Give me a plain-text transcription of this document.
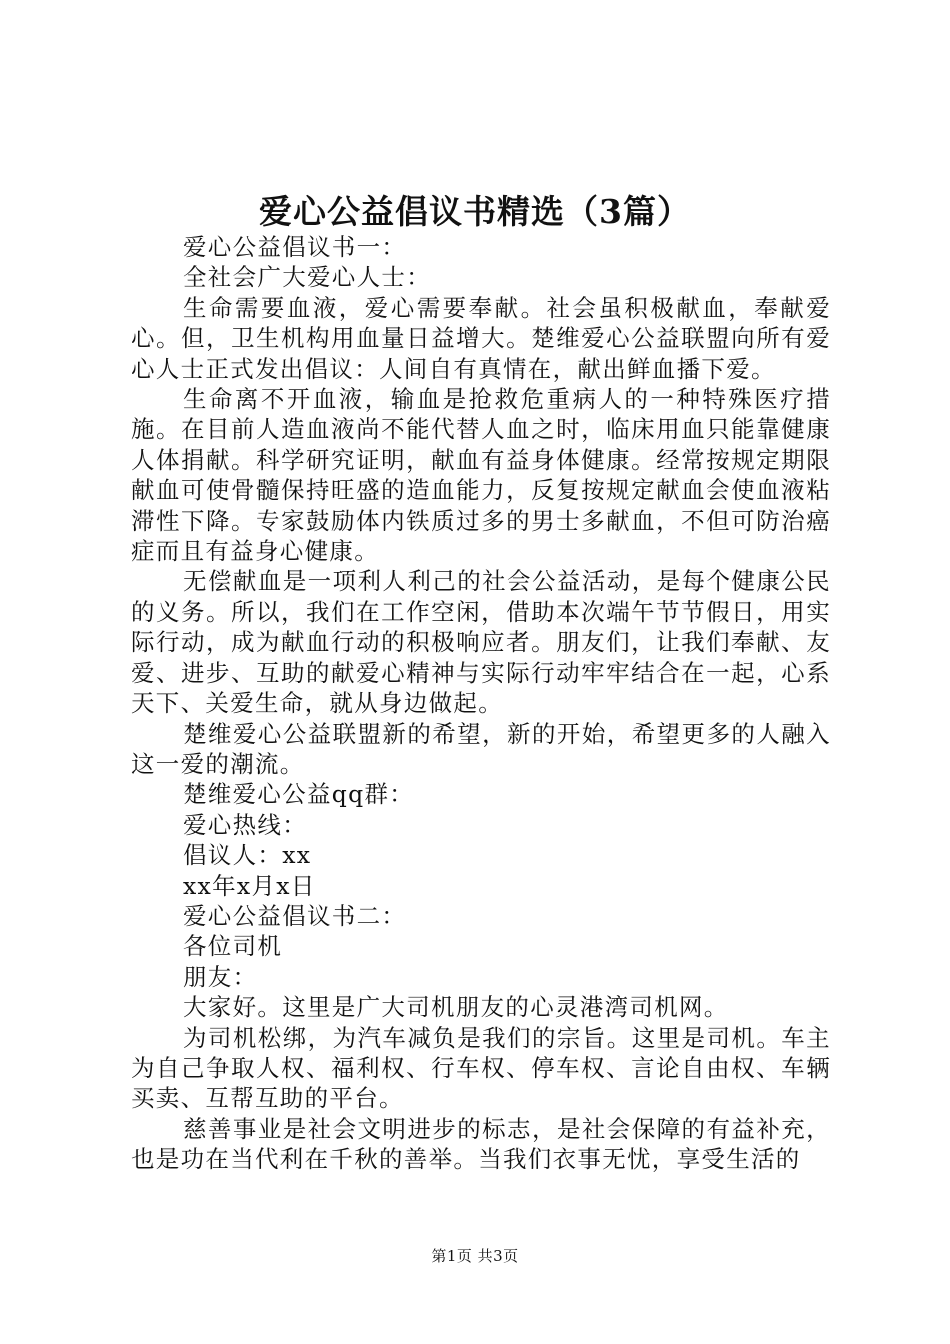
爱心公益倡议书精选（3篇）

爱心公益倡议书一：

全社会广大爱心人士：

生命需要血液，爱心需要奉献。社会虽积极献血，奉献爱心。但，卫生机构用血量日益增大。楚维爱心公益联盟向所有爱心人士正式发出倡议：人间自有真情在，献出鲜血播下爱。

生命离不开血液，输血是抢救危重病人的一种特殊医疗措施。在目前人造血液尚不能代替人血之时，临床用血只能靠健康人体捐献。科学研究证明，献血有益身体健康。经常按规定期限献血可使骨髓保持旺盛的造血能力，反复按规定献血会使血液粘滞性下降。专家鼓励体内铁质过多的男士多献血，不但可防治癌症而且有益身心健康。

无偿献血是一项利人利己的社会公益活动，是每个健康公民的义务。所以，我们在工作空闲，借助本次端午节节假日，用实际行动，成为献血行动的积极响应者。朋友们，让我们奉献、友爱、进步、互助的献爱心精神与实际行动牢牢结合在一起，心系天下、关爱生命，就从身边做起。

楚维爱心公益联盟新的希望，新的开始，希望更多的人融入这一爱的潮流。

楚维爱心公益qq群：

爱心热线：

倡议人：xx

xx年x月x日

爱心公益倡议书二：

各位司机

朋友：

大家好。这里是广大司机朋友的心灵港湾司机网。

为司机松绑，为汽车减负是我们的宗旨。这里是司机。车主为自己争取人权、福利权、行车权、停车权、言论自由权、车辆买卖、互帮互助的平台。

慈善事业是社会文明进步的标志，是社会保障的有益补充，也是功在当代利在千秋的善举。当我们衣事无忧，享受生活的

第1页 共3页
